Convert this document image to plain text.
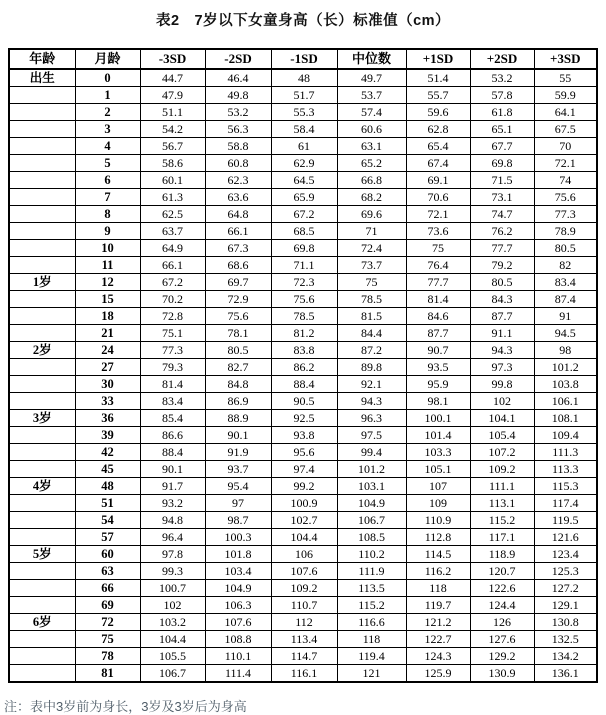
表2　7岁以下女童身高（长）标准值（cm）
年龄	月龄	-3SD	-2SD	-1SD	中位数	+1SD	+2SD	+3SD
出生	0	44.7	46.4	48	49.7	51.4	53.2	55
	1	47.9	49.8	51.7	53.7	55.7	57.8	59.9
	2	51.1	53.2	55.3	57.4	59.6	61.8	64.1
	3	54.2	56.3	58.4	60.6	62.8	65.1	67.5
	4	56.7	58.8	61	63.1	65.4	67.7	70
	5	58.6	60.8	62.9	65.2	67.4	69.8	72.1
	6	60.1	62.3	64.5	66.8	69.1	71.5	74
	7	61.3	63.6	65.9	68.2	70.6	73.1	75.6
	8	62.5	64.8	67.2	69.6	72.1	74.7	77.3
	9	63.7	66.1	68.5	71	73.6	76.2	78.9
	10	64.9	67.3	69.8	72.4	75	77.7	80.5
	11	66.1	68.6	71.1	73.7	76.4	79.2	82
1岁	12	67.2	69.7	72.3	75	77.7	80.5	83.4
	15	70.2	72.9	75.6	78.5	81.4	84.3	87.4
	18	72.8	75.6	78.5	81.5	84.6	87.7	91
	21	75.1	78.1	81.2	84.4	87.7	91.1	94.5
2岁	24	77.3	80.5	83.8	87.2	90.7	94.3	98
	27	79.3	82.7	86.2	89.8	93.5	97.3	101.2
	30	81.4	84.8	88.4	92.1	95.9	99.8	103.8
	33	83.4	86.9	90.5	94.3	98.1	102	106.1
3岁	36	85.4	88.9	92.5	96.3	100.1	104.1	108.1
	39	86.6	90.1	93.8	97.5	101.4	105.4	109.4
	42	88.4	91.9	95.6	99.4	103.3	107.2	111.3
	45	90.1	93.7	97.4	101.2	105.1	109.2	113.3
4岁	48	91.7	95.4	99.2	103.1	107	111.1	115.3
	51	93.2	97	100.9	104.9	109	113.1	117.4
	54	94.8	98.7	102.7	106.7	110.9	115.2	119.5
	57	96.4	100.3	104.4	108.5	112.8	117.1	121.6
5岁	60	97.8	101.8	106	110.2	114.5	118.9	123.4
	63	99.3	103.4	107.6	111.9	116.2	120.7	125.3
	66	100.7	104.9	109.2	113.5	118	122.6	127.2
	69	102	106.3	110.7	115.2	119.7	124.4	129.1
6岁	72	103.2	107.6	112	116.6	121.2	126	130.8
	75	104.4	108.8	113.4	118	122.7	127.6	132.5
	78	105.5	110.1	114.7	119.4	124.3	129.2	134.2
	81	106.7	111.4	116.1	121	125.9	130.9	136.1
注：表中3岁前为身长，3岁及3岁后为身高
